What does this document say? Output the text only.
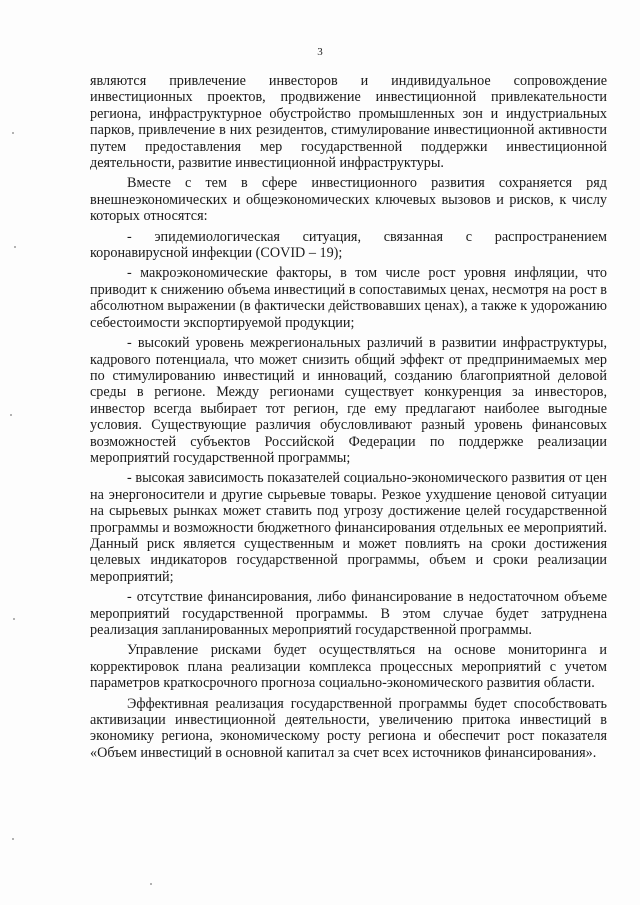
3

являются привлечение инвесторов и индивидуальное сопровождение инвестиционных проектов, продвижение инвестиционной привлекательности региона, инфраструктурное обустройство промышленных зон и индустриальных парков, привлечение в них резидентов, стимулирование инвестиционной активности путем предоставления мер государственной поддержки инвестиционной деятельности, развитие инвестиционной инфраструктуры.

Вместе с тем в сфере инвестиционного развития сохраняется ряд внешнеэкономических и общеэкономических ключевых вызовов и рисков, к числу которых относятся:

- эпидемиологическая ситуация, связанная с распространением коронавирусной инфекции (COVID – 19);

- макроэкономические факторы, в том числе рост уровня инфляции, что приводит к снижению объема инвестиций в сопоставимых ценах, несмотря на рост в абсолютном выражении (в фактически действовавших ценах), а также к удорожанию себестоимости экспортируемой продукции;

- высокий уровень межрегиональных различий в развитии инфраструктуры, кадрового потенциала, что может снизить общий эффект от предпринимаемых мер по стимулированию инвестиций и инноваций, созданию благоприятной деловой среды в регионе. Между регионами существует конкуренция за инвесторов, инвестор всегда выбирает тот регион, где ему предлагают наиболее выгодные условия. Существующие различия обусловливают разный уровень финансовых возможностей субъектов Российской Федерации по поддержке реализации мероприятий государственной программы;

- высокая зависимость показателей социально-экономического развития от цен на энергоносители и другие сырьевые товары. Резкое ухудшение ценовой ситуации на сырьевых рынках может ставить под угрозу достижение целей государственной программы и возможности бюджетного финансирования отдельных ее мероприятий. Данный риск является существенным и может повлиять на сроки достижения целевых индикаторов государственной программы, объем и сроки реализации мероприятий;

- отсутствие финансирования, либо финансирование в недостаточном объеме мероприятий государственной программы. В этом случае будет затруднена реализация запланированных мероприятий государственной программы.

Управление рисками будет осуществляться на основе мониторинга и корректировок плана реализации комплекса процессных мероприятий с учетом параметров краткосрочного прогноза социально-экономического развития области.

Эффективная реализация государственной программы будет способствовать активизации инвестиционной деятельности, увеличению притока инвестиций в экономику региона, экономическому росту региона и обеспечит рост показателя «Объем инвестиций в основной капитал за счет всех источников финансирования».
